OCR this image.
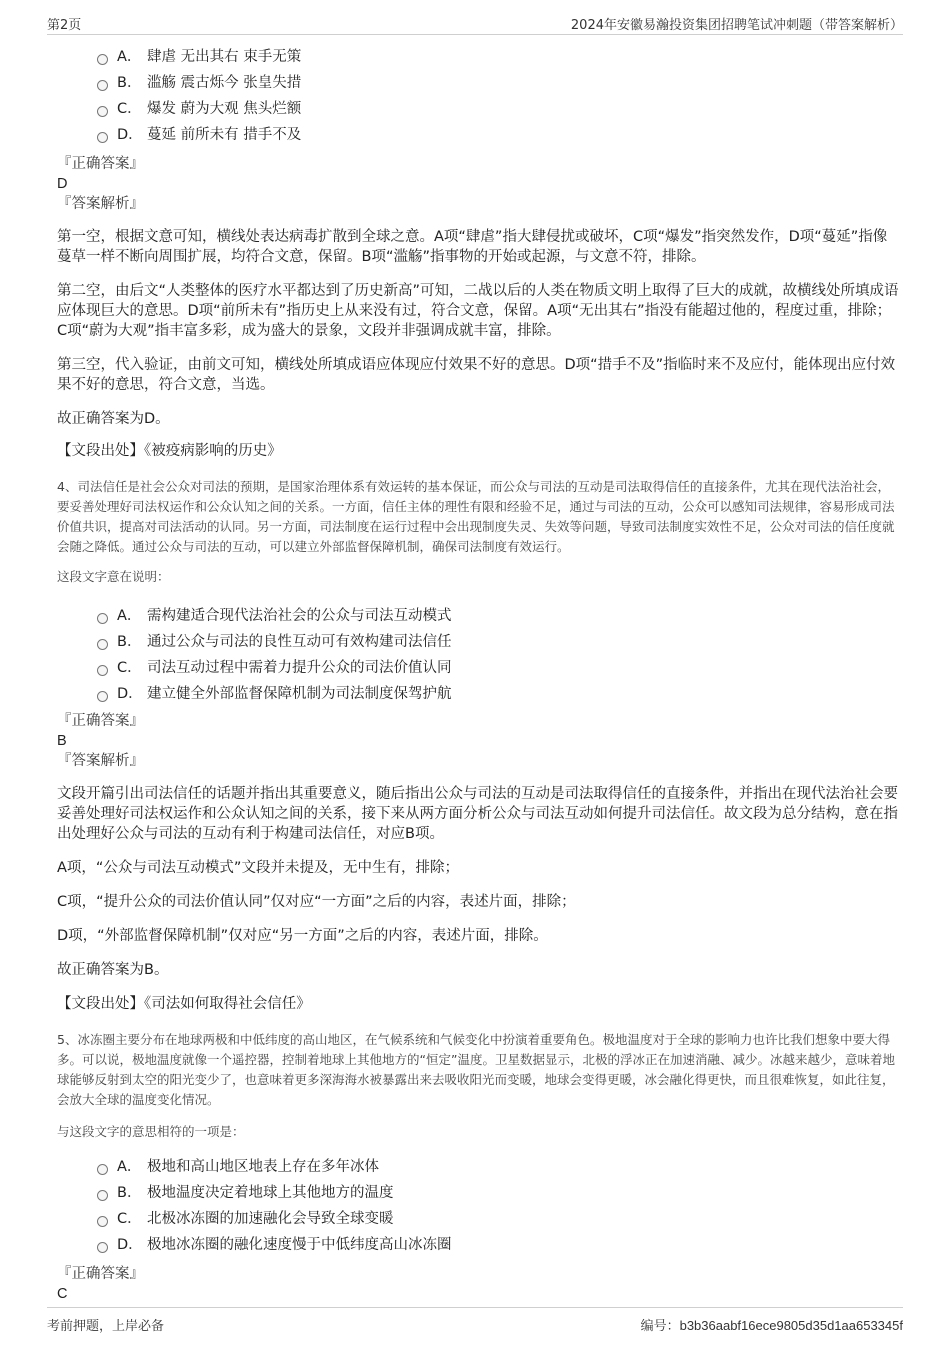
第2页	2024年安徽易瀚投资集团招聘笔试冲刺题（带答案解析）
A． 肆虐 无出其右 束手无策
B． 滥觞 震古烁今 张皇失措
C． 爆发 蔚为大观 焦头烂额
D． 蔓延 前所未有 措手不及
『正确答案』
D
『答案解析』

第一空，根据文意可知，横线处表达病毒扩散到全球之意。A项“肆虐”指大肆侵扰或破坏，C项“爆发”指突然发作，D项“蔓延”指像蔓草一样不断向周围扩展，均符合文意，保留。B项“滥觞”指事物的开始或起源，与文意不符，排除。

第二空，由后文“人类整体的医疗水平都达到了历史新高”可知，二战以后的人类在物质文明上取得了巨大的成就，故横线处所填成语应体现巨大的意思。D项“前所未有”指历史上从来没有过，符合文意，保留。A项“无出其右”指没有能超过他的，程度过重，排除；C项“蔚为大观”指丰富多彩，成为盛大的景象，文段并非强调成就丰富，排除。

第三空，代入验证，由前文可知，横线处所填成语应体现应付效果不好的意思。D项“措手不及”指临时来不及应付，能体现出应付效果不好的意思，符合文意，当选。

故正确答案为D。

【文段出处】《被疫病影响的历史》

4、司法信任是社会公众对司法的预期，是国家治理体系有效运转的基本保证，而公众与司法的互动是司法取得信任的直接条件，尤其在现代法治社会，要妥善处理好司法权运作和公众认知之间的关系。一方面，信任主体的理性有限和经验不足，通过与司法的互动，公众可以感知司法规律，容易形成司法价值共识，提高对司法活动的认同。另一方面，司法制度在运行过程中会出现制度失灵、失效等问题，导致司法制度实效性不足，公众对司法的信任度就会随之降低。通过公众与司法的互动，可以建立外部监督保障机制，确保司法制度有效运行。

这段文字意在说明：

A． 需构建适合现代法治社会的公众与司法互动模式
B． 通过公众与司法的良性互动可有效构建司法信任
C． 司法互动过程中需着力提升公众的司法价值认同
D． 建立健全外部监督保障机制为司法制度保驾护航
『正确答案』
B
『答案解析』

文段开篇引出司法信任的话题并指出其重要意义，随后指出公众与司法的互动是司法取得信任的直接条件，并指出在现代法治社会要妥善处理好司法权运作和公众认知之间的关系，接下来从两方面分析公众与司法互动如何提升司法信任。故文段为总分结构，意在指出处理好公众与司法的互动有利于构建司法信任，对应B项。

A项，“公众与司法互动模式”文段并未提及，无中生有，排除；

C项，“提升公众的司法价值认同”仅对应“一方面”之后的内容，表述片面，排除；

D项，“外部监督保障机制”仅对应“另一方面”之后的内容，表述片面，排除。

故正确答案为B。

【文段出处】《司法如何取得社会信任》

5、冰冻圈主要分布在地球两极和中低纬度的高山地区，在气候系统和气候变化中扮演着重要角色。极地温度对于全球的影响力也许比我们想象中要大得多。可以说，极地温度就像一个遥控器，控制着地球上其他地方的“恒定”温度。卫星数据显示，北极的浮冰正在加速消融、减少。冰越来越少，意味着地球能够反射到太空的阳光变少了，也意味着更多深海海水被暴露出来去吸收阳光而变暖，地球会变得更暖，冰会融化得更快，而且很难恢复，如此往复，会放大全球的温度变化情况。

与这段文字的意思相符的一项是：

A． 极地和高山地区地表上存在多年冰体
B． 极地温度决定着地球上其他地方的温度
C． 北极冰冻圈的加速融化会导致全球变暖
D． 极地冰冻圈的融化速度慢于中低纬度高山冰冻圈
『正确答案』
C
考前押题，上岸必备	编号：b3b36aabf16ece9805d35d1aa653345f
